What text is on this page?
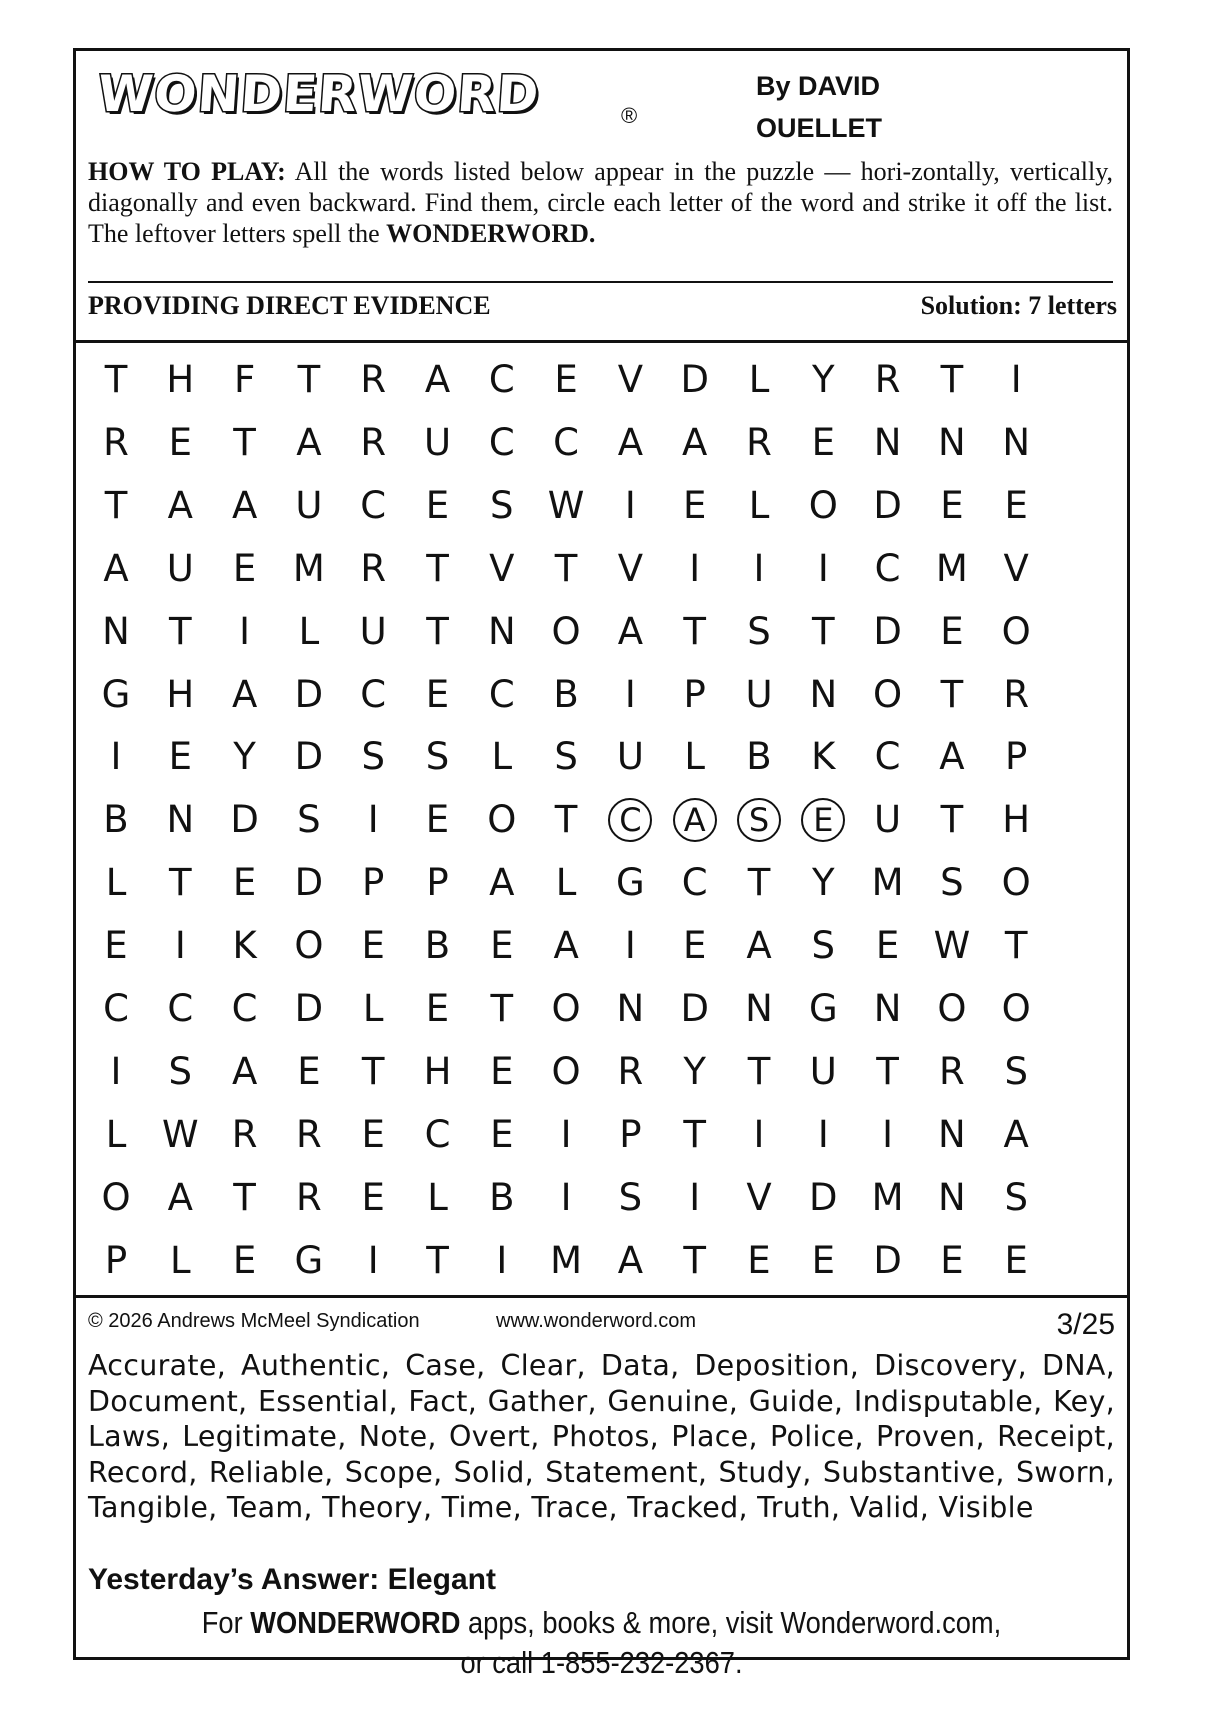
WONDERWORD	®
By DAVID
OUELLET
HOW TO PLAY: All the words listed below appear in the puzzle — hori-zontally, vertically, diagonally and even backward. Find them, circle each letter of the word and strike it off the list. The leftover letters spell the WONDERWORD.
PROVIDING DIRECT EVIDENCE	Solution: 7 letters
T H F T R A C E V D L Y R T I
R E T A R U C C A A R E N N N
T A A U C E S W I E L O D E E
A U E M R T V T V I I I C M V
N T I L U T N O A T S T D E O
G H A D C E C B I P U N O T R
I E Y D S S L S U L B K C A P
B N D S I E O T	C	A	S	E	U T H
L T E D P P A L G C T Y M S O
E I K O E B E A I E A S E W T
C C C D L E T O N D N G N O O
I S A E T H E O R Y T U T R S
L W R R E C E I P T I I I N A
O A T R E L B I S I V D M N S
P L E G I T I M A T E E D E E
© 2026 Andrews McMeel Syndication	www.wonderword.com	3/25
Accurate, Authentic, Case, Clear, Data, Deposition, Discovery, DNA, Document, Essential, Fact, Gather, Genuine, Guide, Indisputable, Key, Laws, Legitimate, Note, Overt, Photos, Place, Police, Proven, Receipt, Record, Reliable, Scope, Solid, Statement, Study, Substantive, Sworn, Tangible, Team, Theory, Time, Trace, Tracked, Truth, Valid, Visible
Yesterday’s Answer: Elegant
For WONDERWORD apps, books & more, visit Wonderword.com,
or call 1-855-232-2367.
